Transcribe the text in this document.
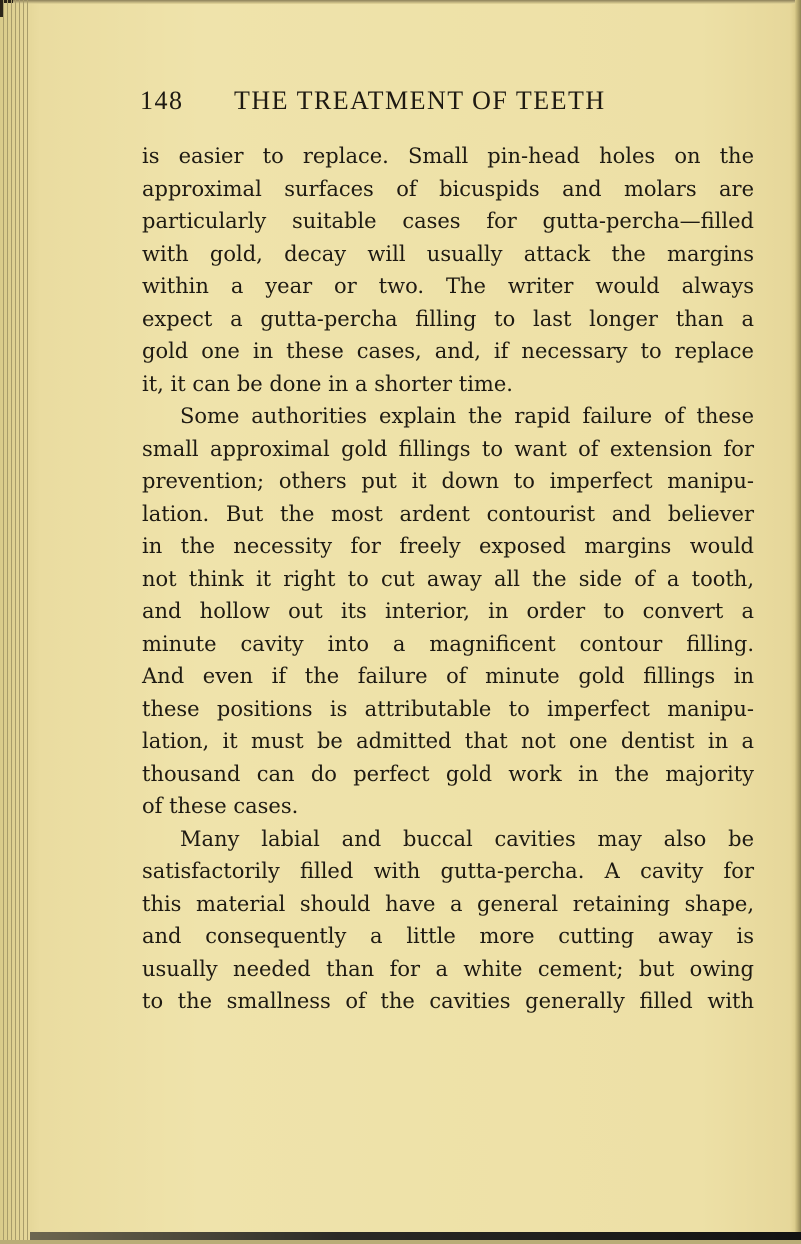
148 THE TREATMENT OF TEETH
is easier to replace. Small pin-head holes on the
approximal surfaces of bicuspids and molars are
particularly suitable cases for gutta-percha—filled
with gold, decay will usually attack the margins
within a year or two. The writer would always
expect a gutta-percha filling to last longer than a
gold one in these cases, and, if necessary to replace
it, it can be done in a shorter time.
Some authorities explain the rapid failure of these
small approximal gold fillings to want of extension for
prevention; others put it down to imperfect manipu-
lation. But the most ardent contourist and believer
in the necessity for freely exposed margins would
not think it right to cut away all the side of a tooth,
and hollow out its interior, in order to convert a
minute cavity into a magnificent contour filling.
And even if the failure of minute gold fillings in
these positions is attributable to imperfect manipu-
lation, it must be admitted that not one dentist in a
thousand can do perfect gold work in the majority
of these cases.
Many labial and buccal cavities may also be
satisfactorily filled with gutta-percha. A cavity for
this material should have a general retaining shape,
and consequently a little more cutting away is
usually needed than for a white cement; but owing
to the smallness of the cavities generally filled with
